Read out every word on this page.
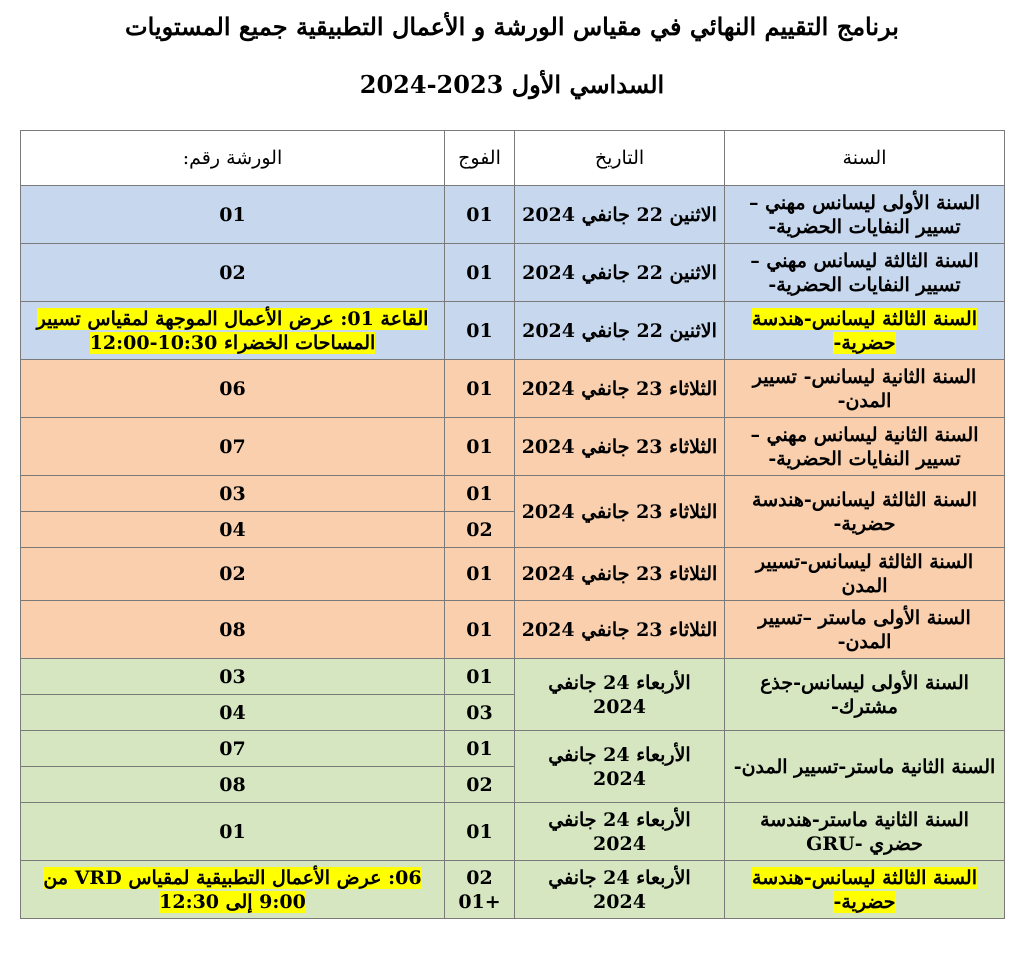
برنامج التقييم النهائي في مقياس الورشة و الأعمال التطبيقية جميع المستويات
السداسي الأول 2023-2024
السنة	التاريخ	الفوج	الورشة رقم:
السنة الأولى ليسانس مهني –تسيير النفايات الحضرية-	الاثنين 22 جانفي 2024	01	01
السنة الثالثة ليسانس مهني –تسيير النفايات الحضرية-	الاثنين 22 جانفي 2024	01	02
السنة الثالثة ليسانس-هندسة حضرية-	الاثنين 22 جانفي 2024	01	القاعة 01: عرض الأعمال الموجهة لمقياس تسيير المساحات الخضراء 10:30-12:00
السنة الثانية ليسانس- تسيير المدن-	الثلاثاء 23 جانفي 2024	01	06
السنة الثانية ليسانس مهني –تسيير النفايات الحضرية-	الثلاثاء 23 جانفي 2024	01	07
السنة الثالثة ليسانس-هندسة حضرية-	الثلاثاء 23 جانفي 2024	01	03
		02	04
السنة الثالثة ليسانس-تسيير المدن	الثلاثاء 23 جانفي 2024	01	02
السنة الأولى ماستر –تسيير المدن-	الثلاثاء 23 جانفي 2024	01	08
السنة الأولى ليسانس-جذع مشترك-	الأربعاء 24 جانفي 2024	01	03
		03	04
السنة الثانية ماستر-تسيير المدن-	الأربعاء 24 جانفي 2024	01	07
		02	08
السنة الثانية ماستر-هندسة حضري -GRU	الأربعاء 24 جانفي 2024	01	01
السنة الثالثة ليسانس-هندسة حضرية-	الأربعاء 24 جانفي 2024	02 +01	06: عرض الأعمال التطبيقية لمقياس VRD من 9:00 إلى 12:30
